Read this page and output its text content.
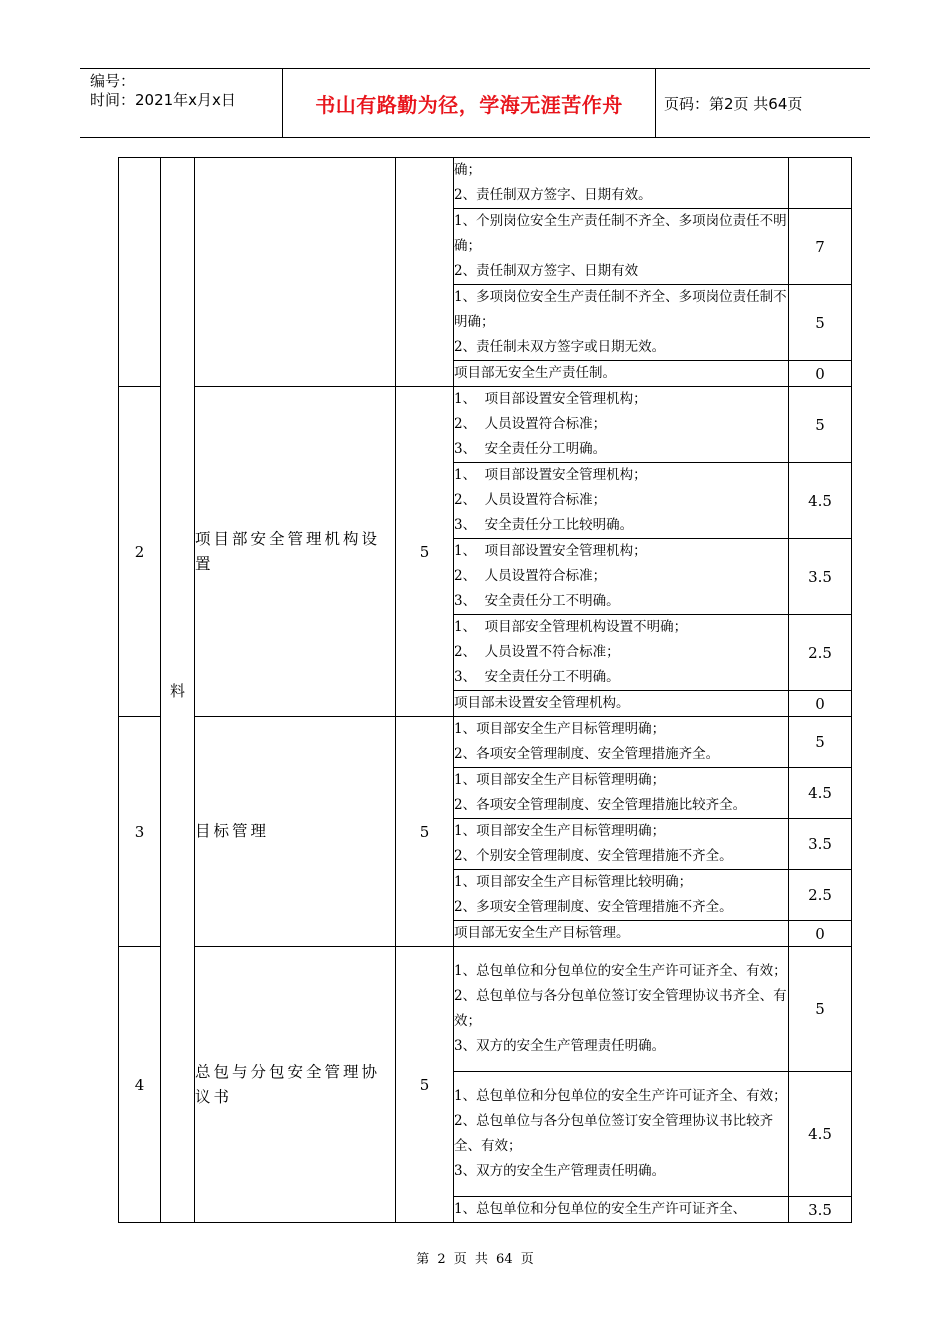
编号：
时间：2021年x月x日	书山有路勤为径，学海无涯苦作舟	页码：第2页 共64页
	料			确；
2、责任制双方签字、日期有效。	

				1、个别岗位安全生产责任制不齐全、多项岗位责任不明确；
2、责任制双方签字、日期有效	7

				1、多项岗位安全生产责任制不齐全、多项岗位责任制不明确；
2、责任制未双方签字或日期无效。	5

				项目部无安全生产责任制。	0
2		项目部安全管理机构设置	5	1、  项目部设置安全管理机构；
2、  人员设置符合标准；
3、  安全责任分工明确。	5

				1、  项目部设置安全管理机构；
2、  人员设置符合标准；
3、  安全责任分工比较明确。	4.5

				1、  项目部设置安全管理机构；
2、  人员设置符合标准；
3、  安全责任分工不明确。	3.5

				1、  项目部安全管理机构设置不明确；
2、  人员设置不符合标准；
3、  安全责任分工不明确。	2.5

				项目部未设置安全管理机构。	0
3		目标管理	5	1、项目部安全生产目标管理明确；
2、各项安全管理制度、安全管理措施齐全。	5

				1、项目部安全生产目标管理明确；
2、各项安全管理制度、安全管理措施比较齐全。	4.5

				1、项目部安全生产目标管理明确；
2、个别安全管理制度、安全管理措施不齐全。	3.5

				1、项目部安全生产目标管理比较明确；
2、多项安全管理制度、安全管理措施不齐全。	2.5

				项目部无安全生产目标管理。	0
4		总包与分包安全管理协议书	5	1、总包单位和分包单位的安全生产许可证齐全、有效；
2、总包单位与各分包单位签订安全管理协议书齐全、有效；
3、双方的安全生产管理责任明确。	5

				1、总包单位和分包单位的安全生产许可证齐全、有效；
2、总包单位与各分包单位签订安全管理协议书比较齐全、有效；
3、双方的安全生产管理责任明确。	4.5

				1、总包单位和分包单位的安全生产许可证齐全、	3.5
第 2 页 共 64 页
